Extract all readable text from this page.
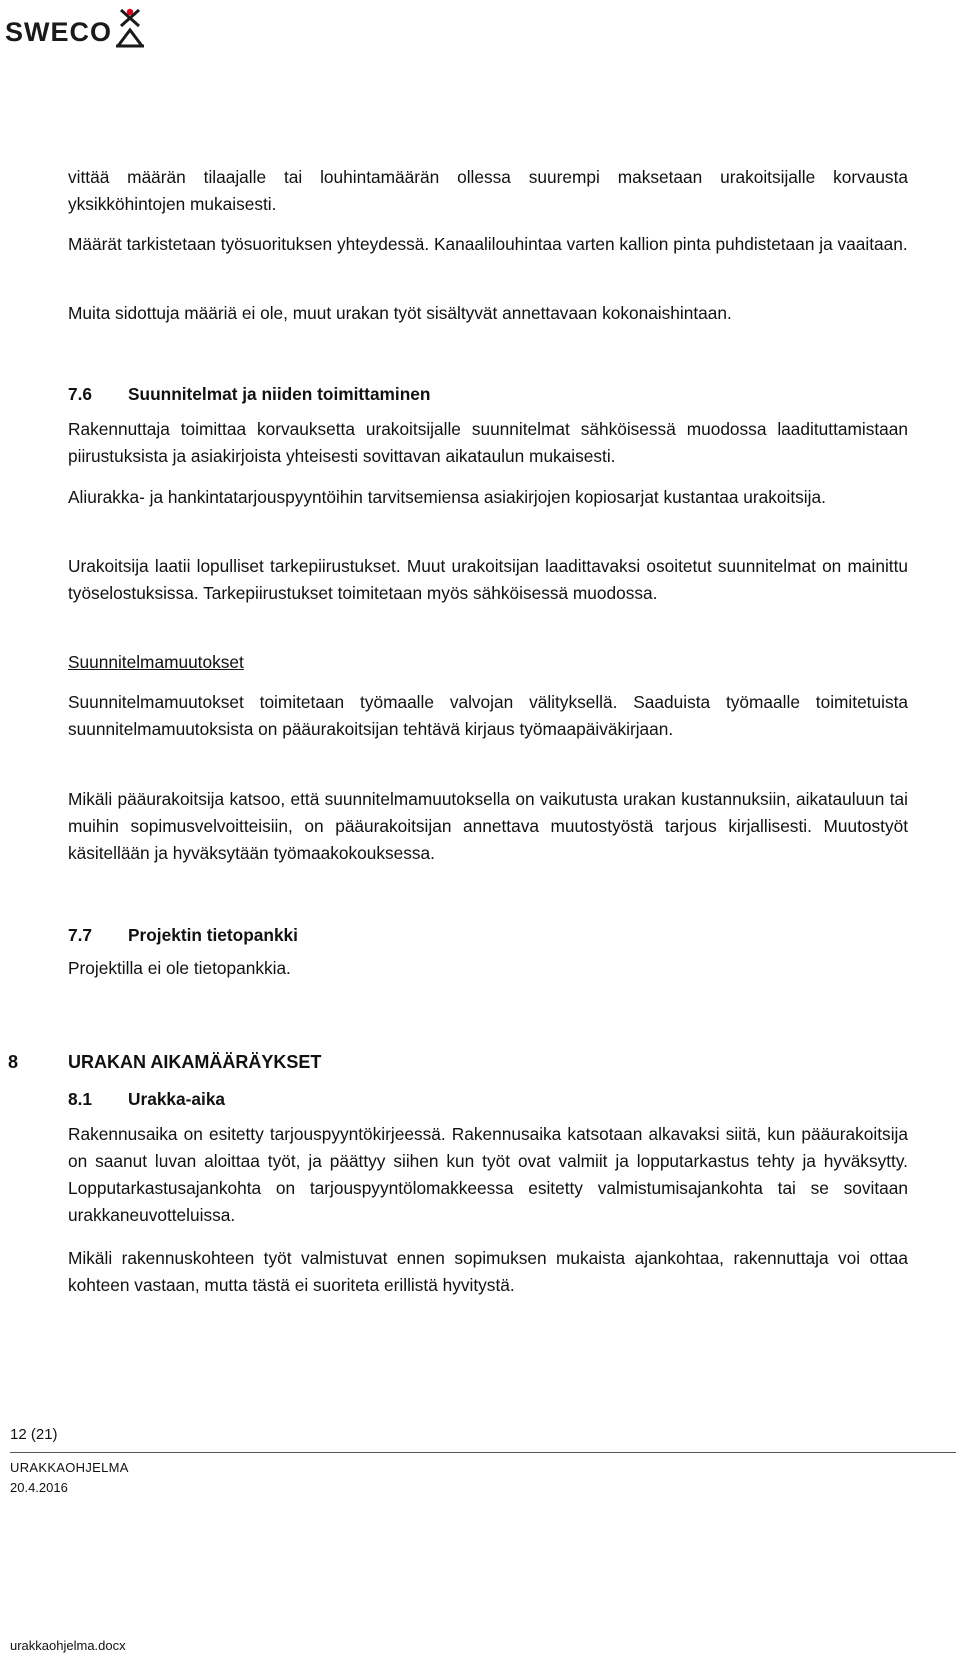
SWECO

vittää määrän tilaajalle tai louhintamäärän ollessa suurempi maksetaan urakoitsijalle korvausta yksikköhintojen mukaisesti.

Määrät tarkistetaan työsuorituksen yhteydessä. Kanaalilouhintaa varten kallion pinta puhdistetaan ja vaaitaan.

Muita sidottuja määriä ei ole, muut urakan työt sisältyvät annettavaan kokonaishintaan.

7.6	Suunnitelmat ja niiden toimittaminen

Rakennuttaja toimittaa korvauksetta urakoitsijalle suunnitelmat sähköisessä muodossa laadituttamistaan piirustuksista ja asiakirjoista yhteisesti sovittavan aikataulun mukaisesti.

Aliurakka- ja hankintatarjouspyyntöihin tarvitsemiensa asiakirjojen kopiosarjat kustantaa urakoitsija.

Urakoitsija laatii lopulliset tarkepiirustukset. Muut urakoitsijan laadittavaksi osoitetut suunnitelmat on mainittu työselostuksissa. Tarkepiirustukset toimitetaan myös sähköisessä muodossa.

Suunnitelmamuutokset

Suunnitelmamuutokset toimitetaan työmaalle valvojan välityksellä. Saaduista työmaalle toimitetuista suunnitelmamuutoksista on pääurakoitsijan tehtävä kirjaus työmaapäiväkirjaan.

Mikäli pääurakoitsija katsoo, että suunnitelmamuutoksella on vaikutusta urakan kustannuksiin, aikatauluun tai muihin sopimusvelvoitteisiin, on pääurakoitsijan annettava muutostyöstä tarjous kirjallisesti. Muutostyöt käsitellään ja hyväksytään työmaakokouksessa.

7.7	Projektin tietopankki

Projektilla ei ole tietopankkia.

8	URAKAN AIKAMÄÄRÄYKSET
8.1	Urakka-aika

Rakennusaika on esitetty tarjouspyyntökirjeessä. Rakennusaika katsotaan alkavaksi siitä, kun pääurakoitsija on saanut luvan aloittaa työt, ja päättyy siihen kun työt ovat valmiit ja lopputarkastus tehty ja hyväksytty. Lopputarkastusajankohta on tarjouspyyntölomakkeessa esitetty valmistumisajankohta tai se sovitaan urakkaneuvotteluissa.

Mikäli rakennuskohteen työt valmistuvat ennen sopimuksen mukaista ajankohtaa, rakennuttaja voi ottaa kohteen vastaan, mutta tästä ei suoriteta erillistä hyvitystä.

12 (21)
URAKKAOHJELMA
20.4.2016
urakkaohjelma.docx
